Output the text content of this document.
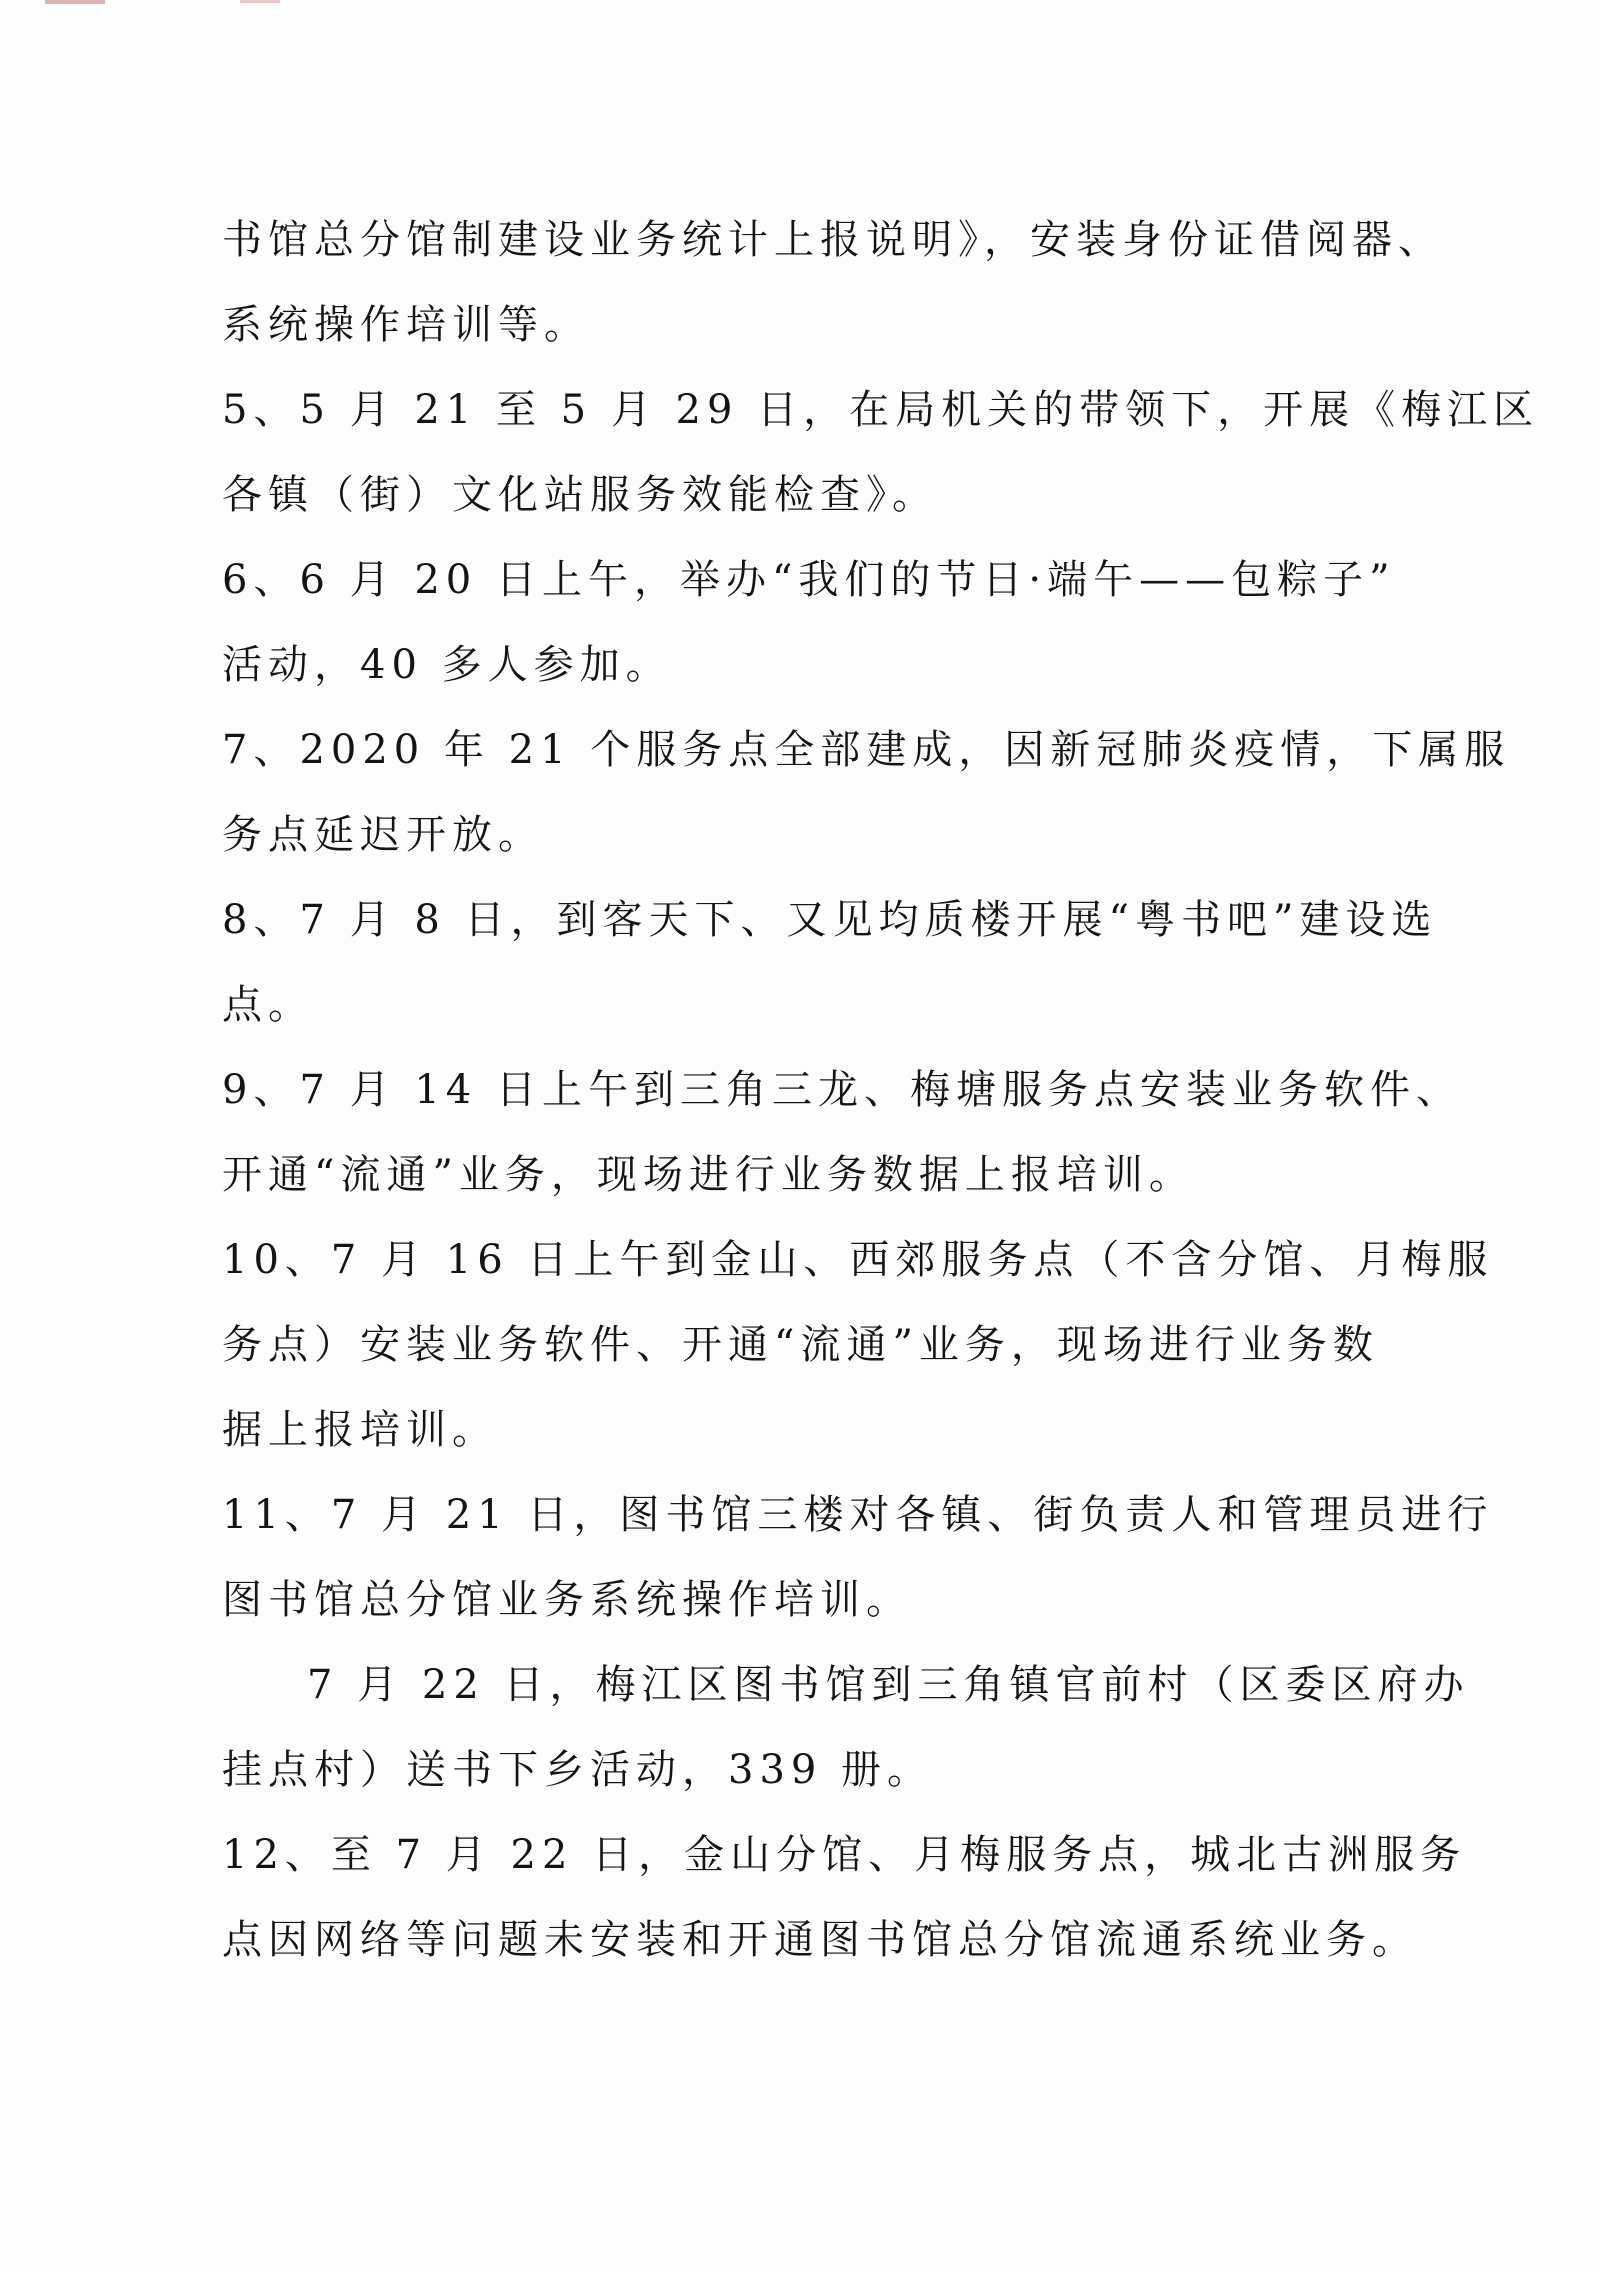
书馆总分馆制建设业务统计上报说明》，安装身份证借阅器、
系统操作培训等。
5、5 月 21 至 5 月 29 日，在局机关的带领下，开展《梅江区
各镇（街）文化站服务效能检查》。
6、6 月 20 日上午，举办“我们的节日·端午——包粽子”
活动，40 多人参加。
7、2020 年 21 个服务点全部建成，因新冠肺炎疫情，下属服
务点延迟开放。
8、7 月 8 日，到客天下、又见均质楼开展“粤书吧”建设选
点。
9、7 月 14 日上午到三角三龙、梅塘服务点安装业务软件、
开通“流通”业务，现场进行业务数据上报培训。
10、7 月 16 日上午到金山、西郊服务点（不含分馆、月梅服
务点）安装业务软件、开通“流通”业务，现场进行业务数
据上报培训。
11、7 月 21 日，图书馆三楼对各镇、街负责人和管理员进行
图书馆总分馆业务系统操作培训。
7 月 22 日，梅江区图书馆到三角镇官前村（区委区府办
挂点村）送书下乡活动，339 册。
12、至 7 月 22 日，金山分馆、月梅服务点，城北古洲服务
点因网络等问题未安装和开通图书馆总分馆流通系统业务。
